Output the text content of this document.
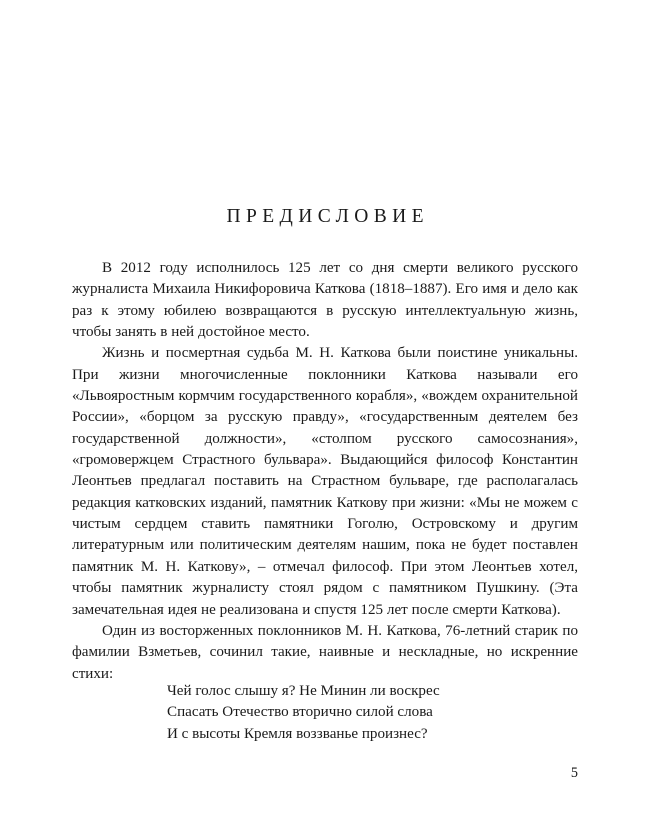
ПРЕДИСЛОВИЕ

В 2012 году исполнилось 125 лет со дня смерти великого русского журналиста Михаила Никифоровича Каткова (1818–1887). Его имя и дело как раз к этому юбилею возвращаются в русскую интеллектуальную жизнь, чтобы занять в ней достойное место.

Жизнь и посмертная судьба М. Н. Каткова были поистине уникальны. При жизни многочисленные поклонники Каткова называли его «Львояростным кормчим государственного корабля», «вождем охранительной России», «борцом за русскую правду», «государственным деятелем без государственной должности», «столпом русского самосознания», «громовержцем Страстного бульвара». Выдающийся философ Константин Леонтьев предлагал поставить на Страстном бульваре, где располагалась редакция катковских изданий, памятник Каткову при жизни: «Мы не можем с чистым сердцем ставить памятники Гоголю, Островскому и другим литературным или политическим деятелям нашим, пока не будет поставлен памятник М. Н. Каткову», – отмечал философ. При этом Леонтьев хотел, чтобы памятник журналисту стоял рядом с памятником Пушкину. (Эта замечательная идея не реализована и спустя 125 лет после смерти Каткова).

Один из восторженных поклонников М. Н. Каткова, 76-летний старик по фамилии Взметьев, сочинил такие, наивные и нескладные, но искренние стихи:

Чей голос слышу я? Не Минин ли воскрес
Спасать Отечество вторично силой слова
И с высоты Кремля воззванье произнес?
5
